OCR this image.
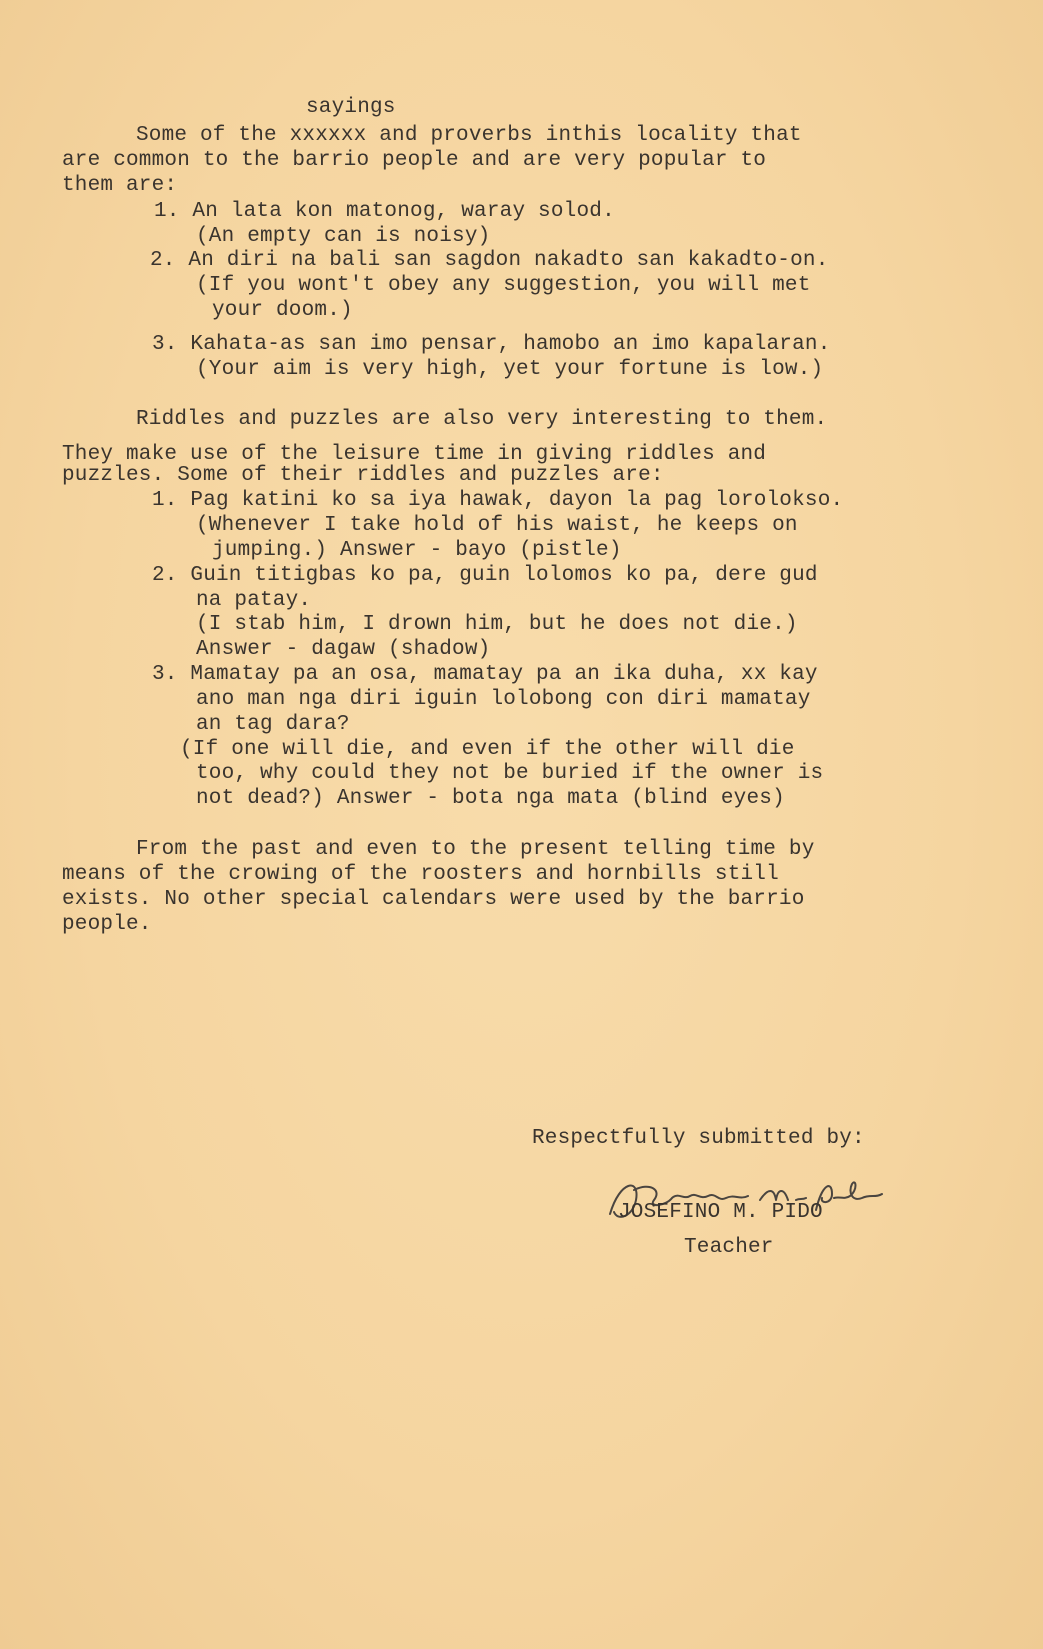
sayings
Some of the xxxxxx and proverbs inthis locality that
are common to the barrio people and are very popular to
them are:
1. An lata kon matonog, waray solod.
(An empty can is noisy)
2. An diri na bali san sagdon nakadto san kakadto-on.
(If you wont't obey any suggestion, you will met
your doom.)
3. Kahata-as san imo pensar, hamobo an imo kapalaran.
(Your aim is very high, yet your fortune is low.)
Riddles and puzzles are also very interesting to them.
They make use of the leisure time in giving riddles and
puzzles. Some of their riddles and puzzles are:
1. Pag katini ko sa iya hawak, dayon la pag lorolokso.
(Whenever I take hold of his waist, he keeps on
jumping.) Answer - bayo (pistle)
2. Guin titigbas ko pa, guin lolomos ko pa, dere gud
na patay.
(I stab him, I drown him, but he does not die.)
Answer - dagaw (shadow)
3. Mamatay pa an osa, mamatay pa an ika duha, xx kay
ano man nga diri iguin lolobong con diri mamatay
an tag dara?
(If one will die, and even if the other will die
too, why could they not be buried if the owner is
not dead?) Answer - bota nga mata (blind eyes)
From the past and even to the present telling time by
means of the crowing of the roosters and hornbills still
exists. No other special calendars were used by the barrio
people.
Respectfully submitted by:
JOSEFINO M. PIDO
Teacher
